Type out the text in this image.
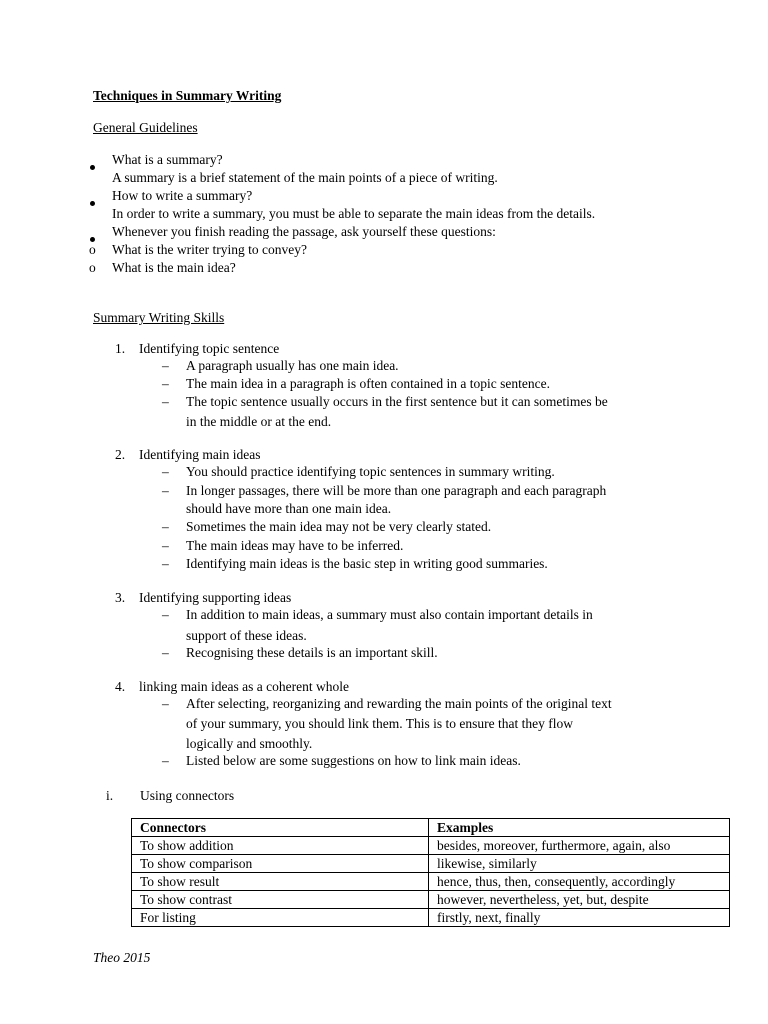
Techniques in Summary Writing
General Guidelines
What is a summary?
A summary is a brief statement of the main points of a piece of writing.
How to write a summary?
In order to write a summary, you must be able to separate the main ideas from the details.
Whenever you finish reading the passage, ask yourself these questions:
o What is the writer trying to convey?
o What is the main idea?
Summary Writing Skills
1. Identifying topic sentence
– A paragraph usually has one main idea.
– The main idea in a paragraph is often contained in a topic sentence.
– The topic sentence usually occurs in the first sentence but it can sometimes be
in the middle or at the end.
2. Identifying main ideas
– You should practice identifying topic sentences in summary writing.
– In longer passages, there will be more than one paragraph and each paragraph
should have more than one main idea.
– Sometimes the main idea may not be very clearly stated.
– The main ideas may have to be inferred.
– Identifying main ideas is the basic step in writing good summaries.
3. Identifying supporting ideas
– In addition to main ideas, a summary must also contain important details in
support of these ideas.
– Recognising these details is an important skill.
4. linking main ideas as a coherent whole
– After selecting, reorganizing and rewarding the main points of the original text
of your summary, you should link them. This is to ensure that they flow
logically and smoothly.
– Listed below are some suggestions on how to link main ideas.
i. Using connectors
Connectors	Examples
To show addition	besides, moreover, furthermore, again, also
To show comparison	likewise, similarly
To show result	hence, thus, then, consequently, accordingly
To show contrast	however, nevertheless, yet, but, despite
For listing	firstly, next, finally
Theo 2015
